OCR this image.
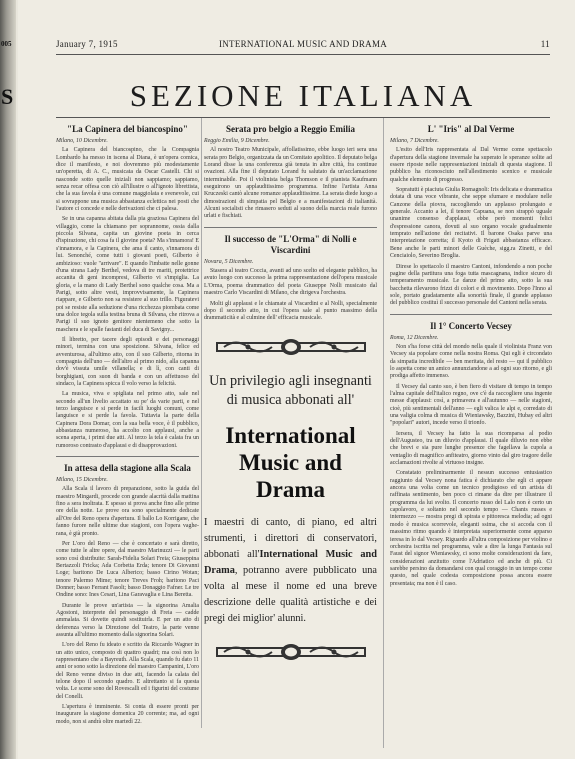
005
S
January 7, 1915	INTERNATIONAL MUSIC AND DRAMA	11
SEZIONE ITALIANA
"La Capinera del biancospino"
Milano, 10 Dicembre.

La Capinera del biancospino, che la Compagnia Lombardo ha messo in iscena al Diana, è un'opera comica, dice il manifesto, e noi dovremmo più modestamente un'operetta, di A. C., musicata da Oscar Castelli. Chi si nasconde sotto quelle iniziali non sappiamo; sappiamo, senza recar offesa con ciò all'illustre o all'ignoto librettista, che la sua favola è una comune maggiolata e svenevole, cui si sovrappone una musica abbastanza eclettica nei posti che l'autore ci concede e nelle derivazioni che ci palesa.

Se in una capanna abitata dalla pia graziosa Capinera del villaggio, come la chiamano per soprannome, ossia dalla piccola Silvana, capita un giovine poeta in cerca d'ispirazione, chi cosa fa il giovine poeta? Ma s'innamora! E s'innamora, e la Capinera, che ama il canto, s'innamora di lui. Senonché, come tutti i giovani poeti, Gilberto è ambizioso: vuole "arrivare". E quando l'imbatte nelle gonne d'una strana Lady Berthel, vedova di tre mariti, protettrice accanita di geni incompresi, Gilberto vi s'impiglia. La gloria, e la mano di Lady Berthel sono qualche cosa. Ma a Parigi, sotto altre vesti, improvvisamente, la Capinera riappare, e Gilberto non sa resistere al suo trillo. Figuratevi poi se resiste alla seduzione d'una ricchezza piombata come una dolce tegola sulla testina bruna di Silvana, che ritrova a Parigi il suo ignoto genitore nientemeno che sotto la maschera e le spalle fastanti del duca di Savigny...

Il libretto, per tacere degli episodi e dei personaggi minori, termina con una sposizione. Silvana, felice ed avventurosa, all'ultimo atto, con il suo Gilberto, ritorna in compagnia dell'uno — dell'altro al primo nido, alla capanna dov'è vissuta umile villanella; e di lì, con canti di borghigiani, con suon di banda e con un affettuoso del sindaco, la Capinera spicca il volo verso la felicità.

La musica, viva e spigliata nel primo atto, sale nel secondo all'un livelio accattato su pe' da varie parti, e nel terzo languisce e si perde in facili luoghi comuni, come languisce e si perde la favola. Tuttavia la parte della Capinera Dora Domar, con la sua bella voce, è il pubblico, abbastanza numeroso, ha accolto con applausi, anche a scena aperta, i primi due atti. Al terzo la tela è calata fra un rumoroso contrasto d'applausi e di disapprovazioni.

In attesa della stagione alla Scala
Milano, 15 Dicembre.

Alla Scala il lavoro di preparazione, sotto la guida del maestro Mingardi, procede con grande alacrità dalla mattina fino a sera inoltrata. E spesso si prova anche fino alle prime ore della notte. Le prove ora sono specialmente dedicate all'Ore del Reno opera d'apertura. Il ballo Lo Korrigane, che fanno furore nelle ultime due stagioni, con l'opera vagherana, è già pronto.

Per L'oro del Reno — che è concertato e sarà diretto, come tutte le altre opere, dal maestro Marinuzzi — le parti sono così distribuite: Sarah-Fidelia Solari Freia; Giuseppina Bertazzoli Fricka; Ada Corbetta Erda; tenore Di Giovanni Loge; baritono De Luca Alberico; basso Cirino Wotan; tenore Palermo Mime; tenore Treves Froh; baritono Paci Donner; basso Ferrant Fasolt; basso Donaggio Fafner. Le tre Ondine sono: Ines Cesari, Lina Garavaglia e Lina Beretta.

Durante le prove un'artista — la signorina Amalia Agostoni, interprete del personaggio di Freia — cadde ammalata. Si dovette quindi sostituirla. E per un atto di deferenza verso la Direzione del Teatro, la parte venne assunta all'ultimo momento dalla signorina Solari.

L'oro del Reno fu ideato e scritto da Riccardo Wagner in un atto unico, composto di quattro quadri; ma così non lo rappresentano che a Bayreuth. Alla Scala, quando fu dato 11 anni or sono sotto la direzione del maestro Campanini, L'oro del Reno venne diviso in due atti, facendo la calata del telone dopo il secondo quadro. E altrettanto si fa questa volta. Le scene sono del Rovescalli ed i figurini del costume del Conelli.

L'apertura è imminente. Si conta di essere pronti per inaugurare la stagione domenica 20 corrente; ma, ad ogni modo, non si andrà oltre martedì 22.

Serata pro belgio a Reggio Emilia
Reggio Emilia, 9 Dicembre.

Al nostro Teatro Municipale, affollatissimo, ebbe luogo ieri sera una serata pro Belgio, organizzata da un Comitato apolitico. Il deputato belga Lorand disse la una conferenza già tenuta in altre città, fra continue ovazioni. Alla fine il deputato Lorand fu salutato da un'acclamazione interminabile. Poi il violinista belga Thomson e il pianista Kaufmann eseguirono un applauditissimo programma. Infine l'artista Anna Kruczeski cantò alcune romanze applauditissime. La serata diede luogo a dimostrazioni di simpatia pel Belgio e a manifestazioni di italianità. Alcuni socialisti che rimasero seduti al suono della marcia reale furono urlati e fischiati.

Il successo de "L'Orma" di Nolli e Viscardini
Novara, 5 Dicembre.

Stasera al teatro Coccia, avanti ad uno scelto ed elegante pubblico, ha avuto luogo con successo la prima rappresentazione dell'opera musicale L'Orma, poema drammatico del poeta Giuseppe Nolli musicato dal maestro Carlo Viscardini di Milano, che dirigeva l'orchestra.

Molti gli applausi e le chiamate al Viscardini e al Nolli, specialmente dopo il secondo atto, in cui l'opera sale al punto massimo della drammaticità e al culmine dell' efficacia musicale.

Un privilegio agli insegnanti di musica abbonati all'
International
Music and Drama
I maestri di canto, di piano, ed altri strumenti, i direttori di conservatori, abbonati all'International Music and Drama, potranno avere pubblicato una volta al mese il nome ed una breve descrizione delle qualità artistiche e dei pregi dei miglior' alunni.
L' "Iris" al Dal Verme
Milano, 7 Dicembre.

L'esito dell'Iris rappresentata al Dal Verme come spettacolo d'apertura della stagione invernale ha superato le speranze solite ad essere riposte nelle rappresentazioni iniziali di questa stagione. Il pubblico ha riconosciuto nell'allestimento scenico e musicale qualche elemento di progresso.

Sopratutti è piaciuta Giulia Romagnoli: Iris delicata e drammatica dotata di una voce vibrante, che seppe sfumare e modulare nelle Canzone della piovra, raccogliendo un applauso prolungato e generale. Accanto a lei, il tenore Capuana, se non strappò uguale unanime consenso d'applausi, ebbe però momenti felici d'espressione canora, dovuti al suo organo vocale gradualmente temprato nell'azione dei recitativi. Il barone Osaka parve una interpretazione corretta; il Kyoto di Frigati abbastanza efficace. Bene anche le parti minori delle Guèche, sigg.ra Zinetti, e del Cenciaiolo, Severino Broglia.

Direse lo spettacolo il maestro Cantoni, infondendo a non poche pagine della partitura una foga tutta mascagnana, indice sicuro di temperamento musicale. Le danze del primo atto, sotto la sua bacchetta rilevarono frizzi di colori e di movimento. Dopo l'Inno al sole, portato gradatamente alla sonorità finale, il grande applauso del pubblico costituì il successo personale del Cantoni nella serata.

Il 1° Concerto Vecsey
Roma, 12 Dicembre.

Non s'ha forse città del mondo nella quale il violinista Franz von Vecsey sia popolare come nella nostra Roma. Qui egli è circondato da simpatia incredibile — ben meritata, del resto — qui il pubblico lo aspetta come un amico annunziandone a ad ogni suo ritorno, e gli prodiga affetto immenso.

Il Vecsey dal canto suo, è ben fiero di visitare di tempo in tempo l'alma capitale dell'italico regno, ove c'è da raccogliere una ingente messe d'applausi: così, a primavera e all'autunno — nelle stagioni, cioè, più sentimentali dell'anno — egli valica le alpi e, corredato di una valigia colma di musica di Wieniawsky, Bazzini, Hubay ed altri "popolari" autori, incede verso il trionfo.

Iersera, il Vecsey ha fatto la sua ricomparsa al podio dell'Augusteo, tra un diluvio d'applausi. Il quale diluvio non ebbe che brevi e sia pure lunghe presenze che fagellava la cupola a ventaglio di magnifico anfiteatro, giorno vinto dal giro tragore delle acclamazioni rivolte al virtuoso insigne.

Constatato preliminarmente il nessun successo entusiastico raggiunto dal Vecsey nona fatica è dichiarato che egli ci appare ancora una volta come un tecnico prodigioso ed un artista di raffinata sentimento, ben poco ci rimane da dire per illustrare il programma da lui svolto. Il concerto russo del Lalo non è certo un capolavoro, e soltanto nel secondo tempo — Chants russes e intermezzo — mostra pregi di spirata e pittoresca melodia; ad ogni modo è musica scorrevole, eleganti ssima, che si accoda con il massimo ritmo quando è interpretata superiormente come apparso ieresa in lo dal Vecsey. Riguardo all'altra composizione per violino e orchestra iscritta nel programma, vale a dire la lunga Fantasia sul Faust del signor Wieniawsky, ci sono molte considerazioni da fare, considerazioni anzitutto come l'Adriatico ed anche di più. Ci sarebbe persino da domandarsi con qual coraggio in un tempo come questo, nel quale codesta composizione possa ancora essere presentata; ma non è il caso.
